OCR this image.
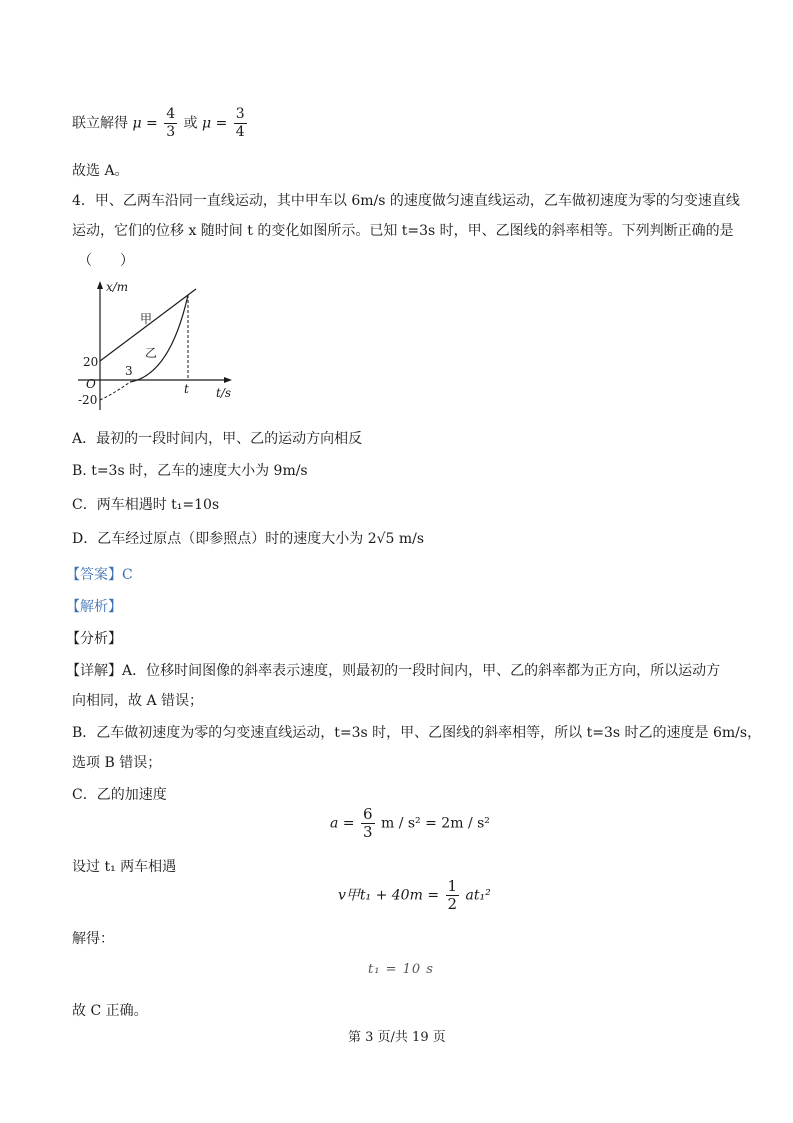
联立解得 $\mu = \frac{4}{3}$ 或 $\mu = \frac{3}{4}$
故选 A。
4．甲、乙两车沿同一直线运动，其中甲车以 6m/s 的速度做匀速直线运动，乙车做初速度为零的匀变速直线
运动，它们的位移 x 随时间 t 的变化如图所示。已知 t=3s 时，甲、乙图线的斜率相等。下列判断正确的是
（　　）
x/m
t/s
O
20
-20
3
t
甲
乙
A．最初的一段时间内，甲、乙的运动方向相反
B. t=3s 时，乙车的速度大小为 9m/s
C．两车相遇时 t₁=10s
D．乙车经过原点（即参照点）时的速度大小为 2√5 m/s
【答案】C
【解析】
【分析】
【详解】A．位移时间图像的斜率表示速度，则最初的一段时间内，甲、乙的斜率都为正方向，所以运动方
向相同，故 A 错误；
B．乙车做初速度为零的匀变速直线运动，t=3s 时，甲、乙图线的斜率相等，所以 t=3s 时乙的速度是 6m/s，
选项 B 错误；
C．乙的加速度
$a = \frac{6}{3}$ m / s² = 2m / s²
设过 t₁ 两车相遇
v甲$t_1 + 40m = \frac{1}{2} at_1^2$
解得：
t₁ = 10 s
故 C 正确。
第 3 页/共 19 页
